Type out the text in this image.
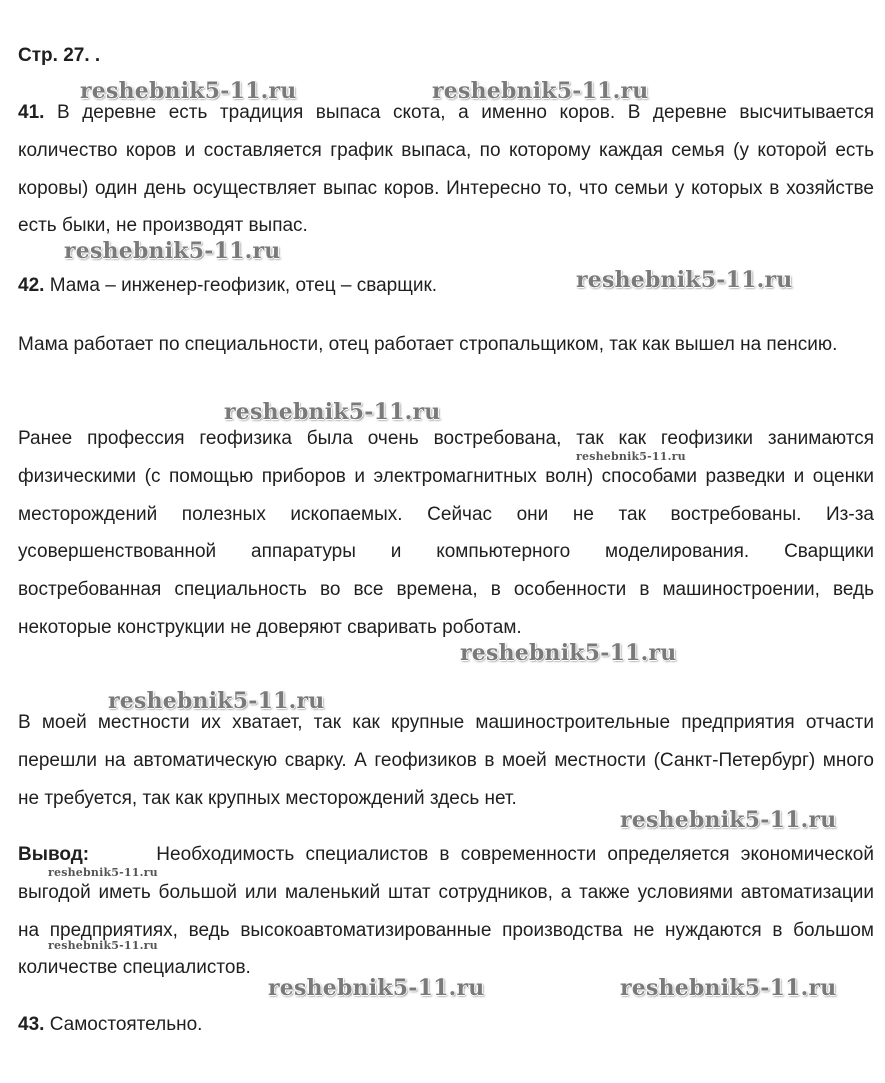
Стр. 27. .

41. В деревне есть традиция выпаса скота, а именно коров. В деревне высчитывается количество коров и составляется график выпаса, по которому каждая семья (у которой есть коровы) один день осуществляет выпас коров. Интересно то, что семьи у которых в хозяйстве есть быки, не производят выпас.

42. Мама – инженер-геофизик, отец – сварщик.

Мама работает по специальности, отец работает стропальщиком, так как вышел на пенсию.

Ранее профессия геофизика была очень востребована, так как геофизики занимаются физическими (с помощью приборов и электромагнитных волн) способами разведки и оценки месторождений полезных ископаемых. Сейчас они не так востребованы. Из-за усовершенствованной аппаратуры и компьютерного моделирования. Сварщики востребованная специальность во все времена, в особенности в машиностроении, ведь некоторые конструкции не доверяют сваривать роботам.

В моей местности их хватает, так как крупные машиностроительные предприятия отчасти перешли на автоматическую сварку. А геофизиков в моей местности (Санкт-Петербург) много не требуется, так как крупных месторождений здесь нет.

Вывод:	Необходимость специалистов в современности определяется экономической выгодой иметь большой или маленький штат сотрудников, а также условиями автоматизации на предприятиях, ведь высокоавтоматизированные производства не нуждаются в большом количестве специалистов.

43. Самостоятельно.

reshebnik5-11.ru	reshebnik5-11.ru
reshebnik5-11.ru
reshebnik5-11.ru
reshebnik5-11.ru
reshebnik5-11.ru
reshebnik5-11.ru
reshebnik5-11.ru
reshebnik5-11.ru
reshebnik5-11.ru
reshebnik5-11.ru
reshebnik5-11.ru	reshebnik5-11.ru
